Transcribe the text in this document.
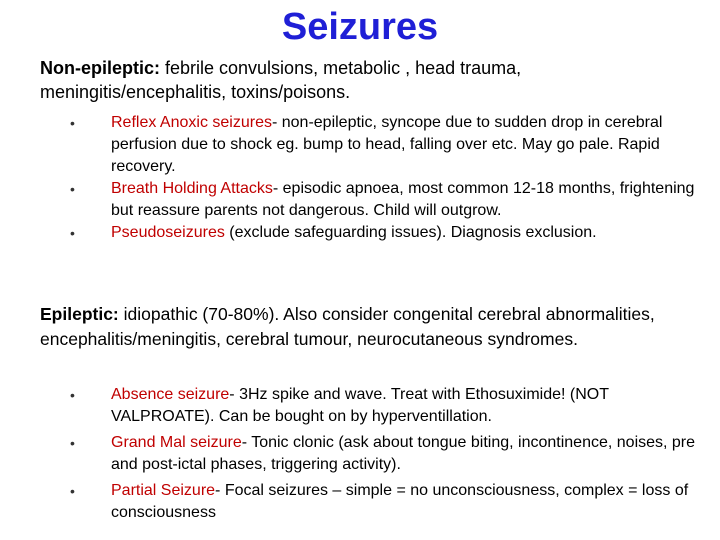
Seizures
Non-epileptic: febrile convulsions, metabolic , head trauma, meningitis/encephalitis, toxins/poisons.
• Reflex Anoxic seizures- non-epileptic, syncope due to sudden drop in cerebral perfusion due to shock eg. bump to head, falling over etc. May go pale. Rapid recovery.
• Breath Holding Attacks- episodic apnoea, most common 12-18 months, frightening but reassure parents not dangerous. Child will outgrow.
• Pseudoseizures (exclude safeguarding issues). Diagnosis exclusion.
Epileptic: idiopathic (70-80%). Also consider congenital cerebral abnormalities, encephalitis/meningitis, cerebral tumour, neurocutaneous syndromes.
• Absence seizure- 3Hz spike and wave. Treat with Ethosuximide! (NOT VALPROATE). Can be bought on by hyperventillation.
• Grand Mal seizure- Tonic clonic (ask about tongue biting, incontinence, noises, pre and post-ictal phases, triggering activity).
• Partial Seizure- Focal seizures – simple = no unconsciousness, complex = loss of consciousness
